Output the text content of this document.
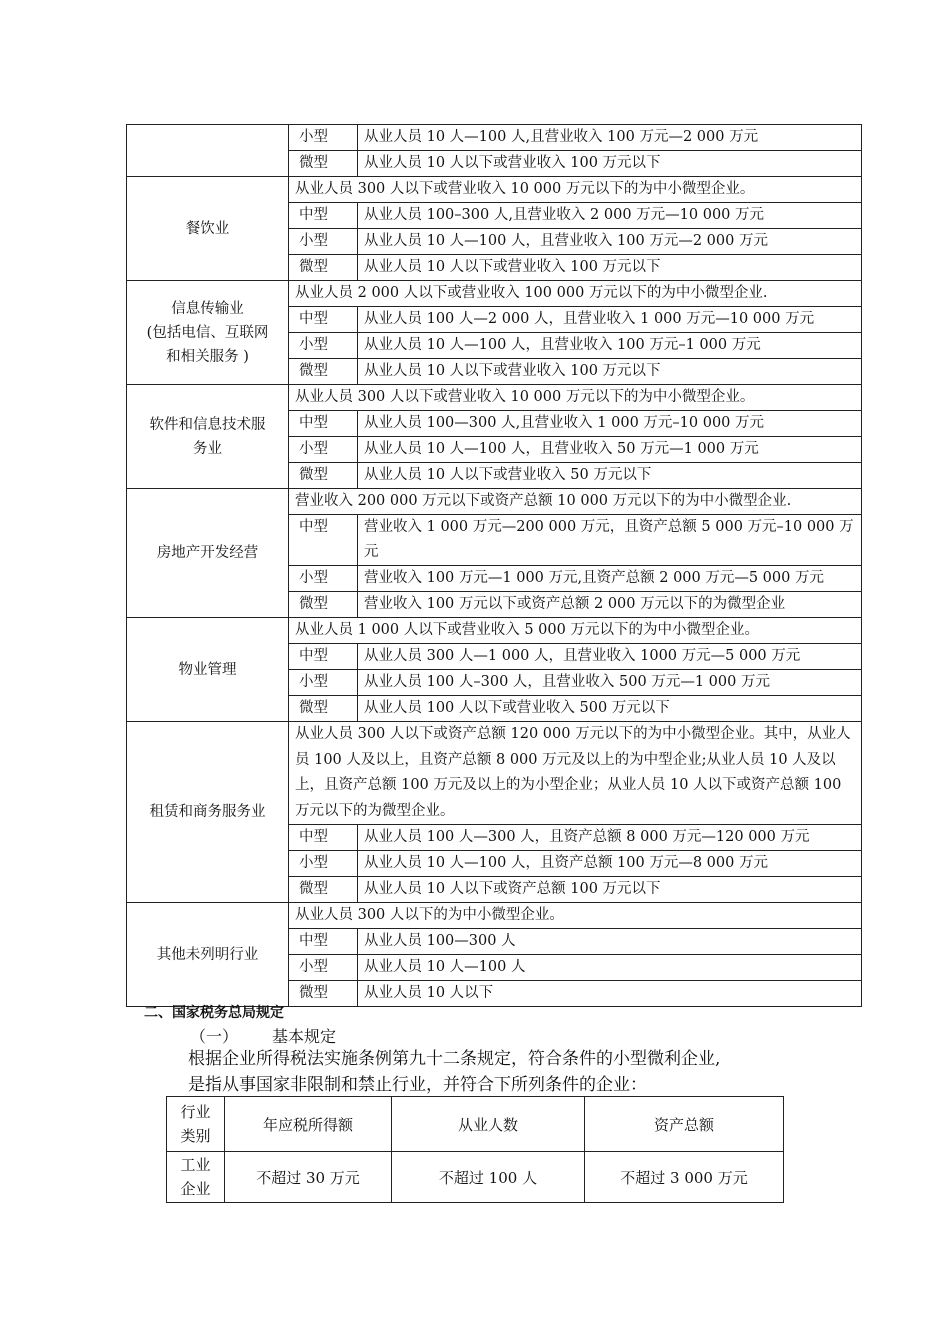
	小型	从业人员 10 人—100 人,且营业收入 100 万元—2 000 万元
	微型	从业人员 10 人以下或营业收入 100 万元以下
餐饮业	从业人员 300 人以下或营业收入 10 000 万元以下的为中小微型企业。	
	中型	从业人员 100–300 人,且营业收入 2 000 万元—10 000 万元
	小型	从业人员 10 人—100 人，且营业收入 100 万元—2 000 万元
	微型	从业人员 10 人以下或营业收入 100 万元以下

信息传输业
(包括电信、互联网
和相关服务 )	从业人员 2 000 人以下或营业收入 100 000 万元以下的为中小微型企业.	
	中型	从业人员 100 人—2 000 人，且营业收入 1 000 万元—10 000 万元
	小型	从业人员 10 人—100 人，且营业收入 100 万元–1 000 万元
	微型	从业人员 10 人以下或营业收入 100 万元以下

软件和信息技术服
务业	从业人员 300 人以下或营业收入 10 000 万元以下的为中小微型企业。	
	中型	从业人员 100—300 人,且营业收入 1 000 万元–10 000 万元
	小型	从业人员 10 人—100 人，且营业收入 50 万元—1 000 万元
	微型	从业人员 10 人以下或营业收入 50 万元以下
房地产开发经营	营业收入 200 000 万元以下或资产总额 10 000 万元以下的为中小微型企业.	
	中型	营业收入 1 000 万元—200 000 万元，且资产总额 5 000 万元–10 000 万元
	小型	营业收入 100 万元—1 000 万元,且资产总额 2 000 万元—5 000 万元
	微型	营业收入 100 万元以下或资产总额 2 000 万元以下的为微型企业
物业管理	从业人员 1 000 人以下或营业收入 5 000 万元以下的为中小微型企业。	
	中型	从业人员 300 人—1 000 人，且营业收入 1000 万元—5 000 万元
	小型	从业人员 100 人–300 人，且营业收入 500 万元—1 000 万元
	微型	从业人员 100 人以下或营业收入 500 万元以下
租赁和商务服务业	从业人员 300 人以下或资产总额 120 000 万元以下的为中小微型企业。其中，从业人员 100 人及以上，且资产总额 8 000 万元及以上的为中型企业;从业人员 10 人及以上，且资产总额 100 万元及以上的为小型企业；从业人员 10 人以下或资产总额 100 万元以下的为微型企业。	
	中型	从业人员 100 人—300 人，且资产总额 8 000 万元—120 000 万元
	小型	从业人员 10 人—100 人，且资产总额 100 万元—8 000 万元
	微型	从业人员 10 人以下或资产总额 100 万元以下
其他未列明行业	从业人员 300 人以下的为中小微型企业。	
	中型	从业人员 100—300 人
	小型	从业人员 10 人—100 人
	微型	从业人员 10 人以下
二、国家税务总局规定
（一） 基本规定
根据企业所得税法实施条例第九十二条规定，符合条件的小型微利企业,
是指从事国家非限制和禁止行业，并符合下所列条件的企业：
行业
类别	年应税所得额	从业人数	资产总额

工业
企业	不超过 30 万元	不超过 100 人	不超过 3 000 万元
